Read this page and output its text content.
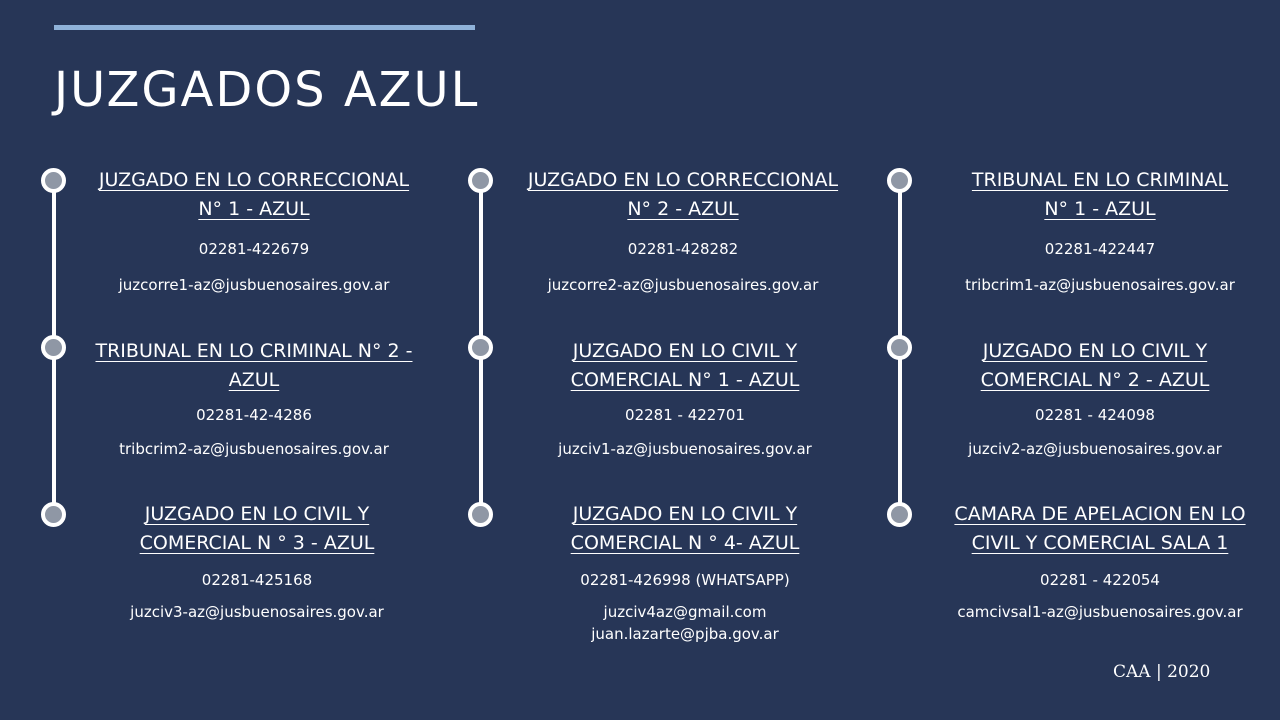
JUZGADOS AZUL
JUZGADO EN LO CORRECCIONAL
N° 1 - AZUL
02281-422679
juzcorre1-az@jusbuenosaires.gov.ar
TRIBUNAL EN LO CRIMINAL N° 2 -
AZUL
02281-42-4286
tribcrim2-az@jusbuenosaires.gov.ar
JUZGADO EN LO CIVIL Y
COMERCIAL N ° 3 - AZUL
02281-425168
juzciv3-az@jusbuenosaires.gov.ar
JUZGADO EN LO CORRECCIONAL
N° 2 - AZUL
02281-428282
juzcorre2-az@jusbuenosaires.gov.ar
JUZGADO EN LO CIVIL Y
COMERCIAL N° 1 - AZUL
02281 - 422701
juzciv1-az@jusbuenosaires.gov.ar
JUZGADO EN LO CIVIL Y
COMERCIAL N ° 4- AZUL
02281-426998 (WHATSAPP)
juzciv4az@gmail.com
juan.lazarte@pjba.gov.ar
TRIBUNAL EN LO CRIMINAL
N° 1 - AZUL
02281-422447
tribcrim1-az@jusbuenosaires.gov.ar
JUZGADO EN LO CIVIL Y
COMERCIAL N° 2 - AZUL
02281 - 424098
juzciv2-az@jusbuenosaires.gov.ar
CAMARA DE APELACION EN LO
CIVIL Y COMERCIAL SALA 1
02281 - 422054
camcivsal1-az@jusbuenosaires.gov.ar
CAA | 2020
